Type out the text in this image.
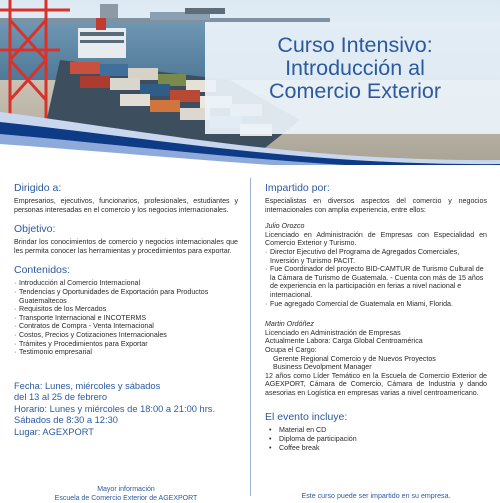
Curso Intensivo:
Introducción al
Comercio Exterior
Dirigido a:

Empresarios, ejecutivos, funcionarios, profesionales, estudiantes y personas interesadas en el comercio y los negocios internacionales.

Objetivo:

Brindar los conocimientos de comercio y negocios internacionales que les permita conocer las herramientas y procedimientos para exportar.

Contenidos:
· Introducción al Comercio Internacional
· Tendencias y Oportunidades de Exportación para Productos Guatemaltecos
· Requisitos de los Mercados
· Transporte Internacional e INCOTERMS
· Contratos de Compra - Venta Internacional
· Costos, Precios y Cotizaciones Internacionales
· Trámites y Procedimientos para Exportar
· Testimonio empresarial

Fecha: Lunes, miércoles y sábados

del 13 al 25 de febrero

Horario: Lunes y miércoles de 18:00 a 21:00 hrs.

Sábados de 8:30 a 12:30

Lugar: AGEXPORT

Mayor información
Escuela de Comercio Exterior de AGEXPORT
Impartido por:

Especialistas en diversos aspectos del comercio y negocios internacionales con amplia experiencia, entre ellos:

Julio Orozco

Licenciado en Administración de Empresas con Especialidad en Comercio Exterior y Turismo.

· Director Ejecutivo del Programa de Agregados Comerciales, Inversión y Turismo PACIT.
· Fue Coordinador del proyecto BID-CAMTUR de Turismo Cultural de la Cámara de Turismo de Guatemala. - Cuenta con más de 15 años de experiencia en la participación en ferias a nivel nacional e internacional.
· Fue agregado Comercial de Guatemala en Miami, Florida.

Martin Ordóñez

Licenciado en Administración de Empresas

Actualmente Labora: Carga Global Centroamérica

Ocupa el Cargo:

Gerente Regional Comercio y de Nuevos Proyectos

Business Devolpment Manager

12 años como Líder Temático en la Escuela de Comercio Exterior de AGEXPORT, Cámara de Comercio, Cámara de Industria y dando asesorias en Logística en empresas varias a nivel centroamericano.

El evento incluye:
• Material en CD
• Diploma de participación
• Coffee break
Este curso puede ser impartido en su empresa.
